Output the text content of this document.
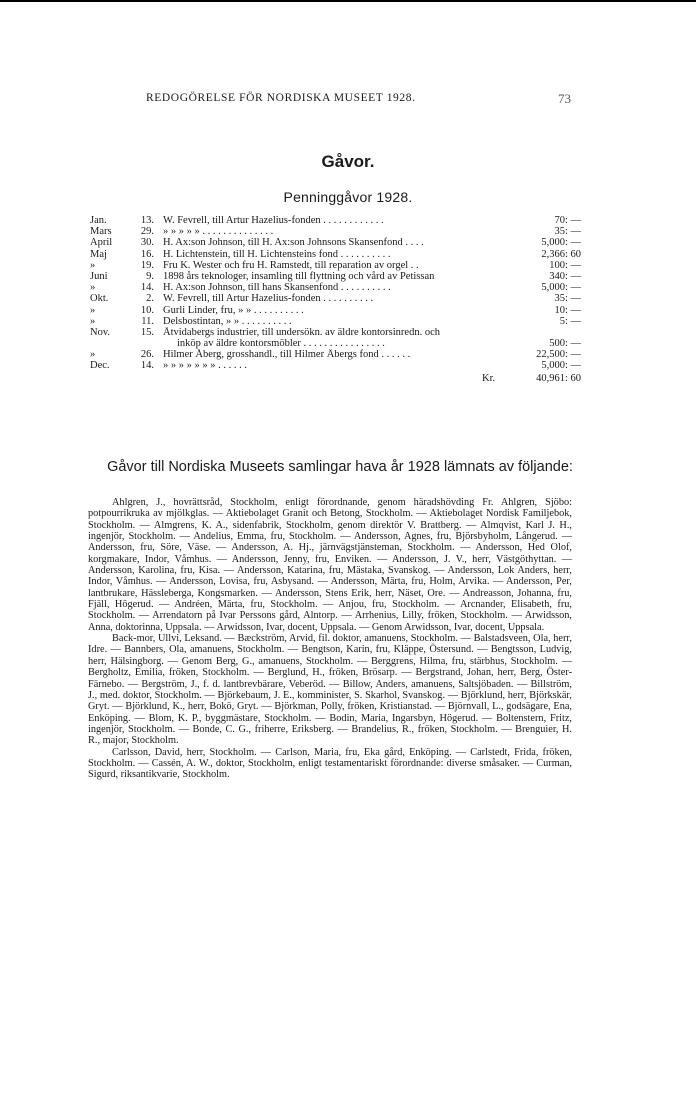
REDOGÖRELSE FÖR NORDISKA MUSEET 1928.	73
Gåvor.
Penninggåvor 1928.
Jan.	13. W. Fevrell, till Artur Hazelius-fonden . . . . . . . . . . . .	70: —
Mars	29. » » » » » . . . . . . . . . . . . . .	35: —
April	30. H. Ax:son Johnson, till H. Ax:son Johnsons Skansenfond . . . .	5,000: —
Maj	16. H. Lichtenstein, till H. Lichtensteins fond . . . . . . . . . .	2,366: 60
»	19. Fru K. Wester och fru H. Ramstedt, till reparation av orgel . .	100: —
Juni	9. 1898 års teknologer, insamling till flyttning och vård av Petissan	340: —
»	14. H. Ax:son Johnson, till hans Skansenfond . . . . . . . . . .	5,000: —
Okt.	2. W. Fevrell, till Artur Hazelius-fonden . . . . . . . . . .	35: —
»	10. Gurli Linder, fru, » » . . . . . . . . . .	10: —
»	11. Delsbostintan, » » . . . . . . . . . .	5: —
Nov.	15. Åtvidabergs industrier, till undersökn. av äldre kontorsinredn. och
inköp av äldre kontorsmöbler . . . . . . . . . . . . . . . .	500: —
»	26. Hilmer Åberg, grosshandl., till Hilmer Åbergs fond . . . . . .	22,500: —
Dec.	14. » » » » » » » . . . . . .	5,000: —
Kr.	40,961: 60
Gåvor till Nordiska Museets samlingar hava år 1928 lämnats av följande:

Ahlgren, J., hovrättsråd, Stockholm, enligt förordnande, genom häradshövding Fr. Ahlgren, Sjöbo: potpourrikruka av mjölkglas. — Aktiebolaget Granit och Betong, Stockholm. — Aktiebolaget Nordisk Familjebok, Stockholm. — Almgrens, K. A., sidenfabrik, Stockholm, genom direktör V. Brattberg. — Almqvist, Karl J. H., ingenjör, Stockholm. — Andelius, Emma, fru, Stockholm. — Andersson, Agnes, fru, Björsbyholm, Långerud. — Andersson, fru, Söre, Väse. — Andersson, A. Hj., järnvägstjänsteman, Stockholm. — Andersson, Hed Olof, korgmakare, Indor, Våmhus. — Andersson, Jenny, fru, Enviken. — Andersson, J. V., herr, Västgöthyttan. — Andersson, Karolina, fru, Kisa. — Andersson, Katarina, fru, Mästaka, Svanskog. — Andersson, Lok Anders, herr, Indor, Våmhus. — Andersson, Lovisa, fru, Asbysand. — Andersson, Märta, fru, Holm, Arvika. — Andersson, Per, lantbrukare, Hässleberga, Kongsmarken. — Andersson, Stens Erik, herr, Näset, Ore. — Andreasson, Johanna, fru, Fjäll, Högerud. — Andréen, Märta, fru, Stockholm. — Anjou, fru, Stockholm. — Arcnander, Elisabeth, fru, Stockholm. — Arrendatorn på Ivar Perssons gård, Alntorp. — Arrhenius, Lilly, fröken, Stockholm. — Arwidsson, Anna, doktorinna, Uppsala. — Arwidsson, Ivar, docent, Uppsala. — Genom Arwidsson, Ivar, docent, Uppsala.

Back-mor, Ullvi, Leksand. — Bæckström, Arvid, fil. doktor, amanuens, Stockholm. — Balstadsveen, Ola, herr, Idre. — Bannbers, Ola, amanuens, Stockholm. — Bengtson, Karin, fru, Kläppe, Östersund. — Bengtsson, Ludvig, herr, Hälsingborg. — Genom Berg, G., amanuens, Stockholm. — Berggrens, Hilma, fru, stärbhus, Stockholm. — Bergholtz, Emilia, fröken, Stockholm. — Berglund, H., fröken, Brösarp. — Bergstrand, Johan, herr, Berg, Öster-Färnebo. — Bergström, J., f. d. lantbrevbärare, Veberöd. — Billow, Anders, amanuens, Saltsjöbaden. — Billström, J., med. doktor, Stockholm. — Björkebaum, J. E., komminister, S. Skarhol, Svanskog. — Björklund, herr, Björkskär, Gryt. — Björklund, K., herr, Bokö, Gryt. — Björkman, Polly, fröken, Kristianstad. — Björnvall, L., godsägare, Ena, Enköping. — Blom, K. P., byggmästare, Stockholm. — Bodin, Maria, Ingarsbyn, Högerud. — Boltenstern, Fritz, ingenjör, Stockholm. — Bonde, C. G., friherre, Eriksberg. — Brandelius, R., fröken, Stockholm. — Brenguier, H. R., major, Stockholm.

Carlsson, David, herr, Stockholm. — Carlson, Maria, fru, Eka gård, Enköping. — Carlstedt, Frida, fröken, Stockholm. — Cassén, A. W., doktor, Stockholm, enligt testamentariskt förordnande: diverse småsaker. — Curman, Sigurd, riksantikvarie, Stockholm.
